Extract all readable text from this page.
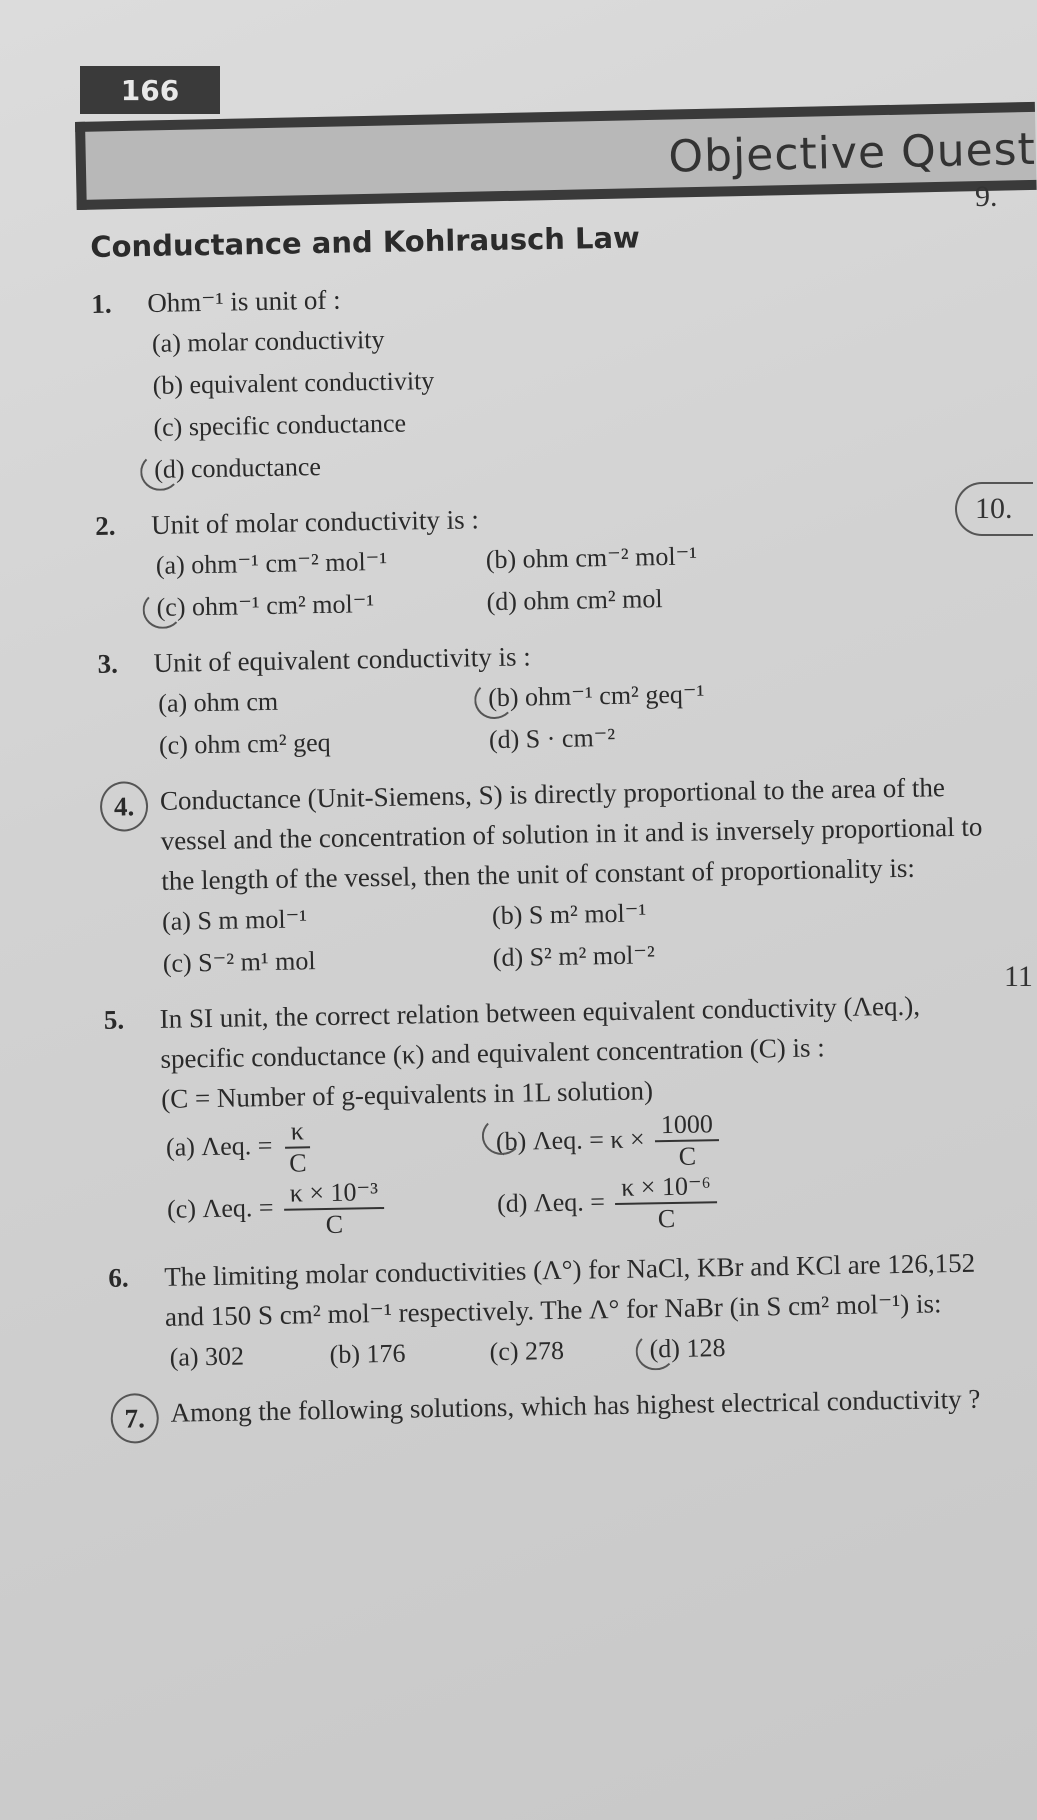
166
Objective Quest
9.
10.
11
Conductance and Kohlrausch Law
1.	Ohm⁻¹ is unit of :
(a) molar conductivity
(b) equivalent conductivity
(c) specific conductance
(d) conductance
2.	Unit of molar conductivity is :
(a) ohm⁻¹ cm⁻² mol⁻¹	(b) ohm cm⁻² mol⁻¹
(c) ohm⁻¹ cm² mol⁻¹	(d) ohm cm² mol
3.	Unit of equivalent conductivity is :
(a) ohm cm	(b) ohm⁻¹ cm² geq⁻¹
(c) ohm cm² geq	(d) S · cm⁻²
4. Conductance (Unit-Siemens, S) is directly proportional to the area of the vessel and the concentration of solution in it and is inversely proportional to the length of the vessel, then the unit of constant of proportionality is:
(a) S m mol⁻¹	(b) S m² mol⁻¹
(c) S⁻² m¹ mol	(d) S² m² mol⁻²
5.	In SI unit, the correct relation between equivalent conductivity (Λeq.), specific conductance (κ) and equivalent concentration (C) is :
(C = Number of g-equivalents in 1L solution)
(a) Λeq. = $\frac{\kappa}{C}$	(b) Λeq. = $\kappa \times \frac{1000}{C}$
(c) Λeq. = $\frac{\text{κ × 10⁻³}}{C}$	(d) Λeq. = $\frac{\text{κ × 10⁻⁶}}{C}$
6.	The limiting molar conductivities (Λ°) for NaCl, KBr and KCl are 126,152 and 150 S cm² mol⁻¹ respectively. The Λ° for NaBr (in S cm² mol⁻¹) is:
(a) 302	(b) 176	(c) 278	(d) 128
7. Among the following solutions, which has highest electrical conductivity ?
